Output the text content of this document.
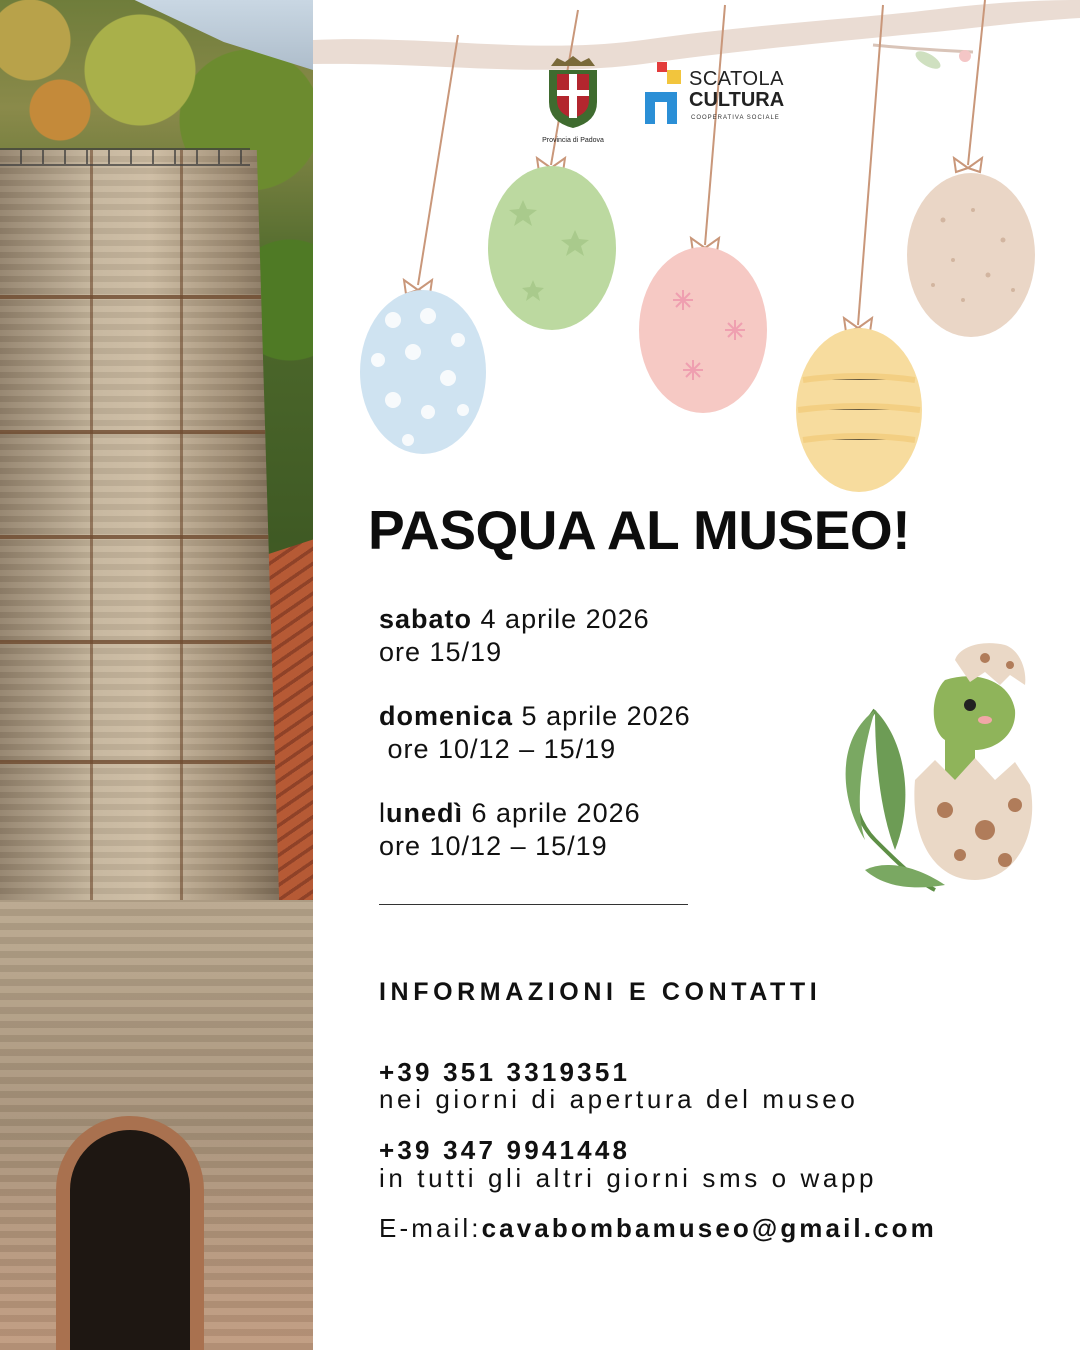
Provincia di Padova
SCATOLA
CULTURA
COOPERATIVA SOCIALE
PASQUA AL MUSEO!
sabato 4 aprile 2026
ore 15/19
domenica 5 aprile 2026
ore 10/12 – 15/19
lunedì 6 aprile 2026
ore 10/12 – 15/19
INFORMAZIONI E CONTATTI
+39 351 3319351
nei giorni di apertura del museo
+39 347 9941448
in tutti gli altri giorni sms o wapp
E-mail:cavabombamuseo@gmail.com
